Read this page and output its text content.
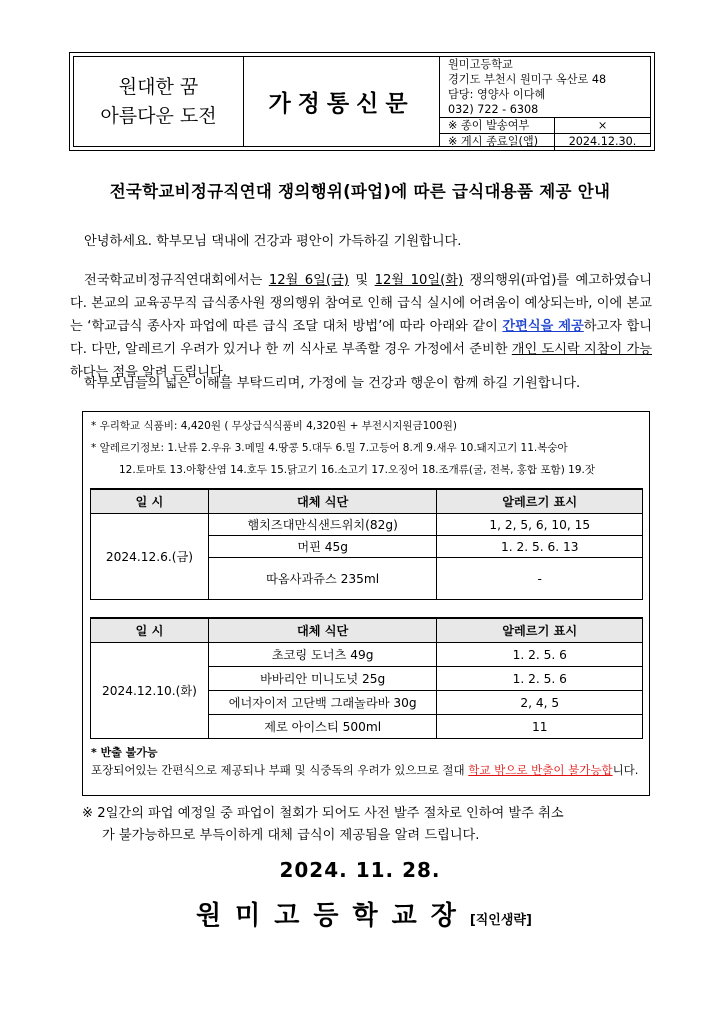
원대한 꿈
아름다운 도전	가정통신문
원미고등학교
경기도 부천시 원미구 옥산로 48
담당: 영양사 이다혜
032) 722 - 6308
※ 종이 발송여부	×
※ 게시 종료일(앱)	2024.12.30.
전국학교비정규직연대 쟁의행위(파업)에 따른 급식대용품 제공 안내
안녕하세요. 학부모님 댁내에 건강과 평안이 가득하길 기원합니다.
전국학교비정규직연대회에서는 12월 6일(금) 및 12월 10일(화) 쟁의행위(파업)를 예고하였습니다. 본교의 교육공무직 급식종사원 쟁의행위 참여로 인해 급식 실시에 어려움이 예상되는바, 이에 본교는 ‘학교급식 종사자 파업에 따른 급식 조달 대처 방법’에 따라 아래와 같이 간편식을 제공하고자 합니다. 다만, 알레르기 우려가 있거나 한 끼 식사로 부족할 경우 가정에서 준비한 개인 도시락 지참이 가능하다는 점을 알려 드립니다.
학부모님들의 넓은 이해를 부탁드리며, 가정에 늘 건강과 행운이 함께 하길 기원합니다.
* 우리학교 식품비: 4,420원 ( 무상급식식품비 4,320원 + 부전시지원금100원)
* 알레르기정보: 1.난류 2.우유 3.메밀 4.땅콩 5.대두 6.밀 7.고등어 8.게 9.새우 10.돼지고기 11.복숭아
12.토마토 13.아황산염 14.호두 15.닭고기 16.소고기 17.오징어 18.조개류(굴, 전복, 홍합 포함) 19.잣
일 시	대체 식단	알레르기 표시
2024.12.6.(금)	햄치즈대만식샌드위치(82g)	1, 2, 5, 6, 10, 15
	머핀 45g	1. 2. 5. 6. 13
	따옴사과쥬스 235ml	-
일 시	대체 식단	알레르기 표시
2024.12.10.(화)	초코링 도너츠 49g	1. 2. 5. 6
	바바리안 미니도넛 25g	1. 2. 5. 6
	에너자이저 고단백 그래놀라바 30g	2, 4, 5
	제로 아이스티 500ml	11
* 반출 불가능
포장되어있는 간편식으로 제공되나 부패 및 식중독의 우려가 있으므로 절대 학교 밖으로 반출이 불가능합니다.
※ 2일간의 파업 예정일 중 파업이 철회가 되어도 사전 발주 절차로 인하여 발주 취소
가 불가능하므로 부득이하게 대체 급식이 제공됨을 알려 드립니다.
2024. 11. 28.
원미고등학교장[직인생략]
